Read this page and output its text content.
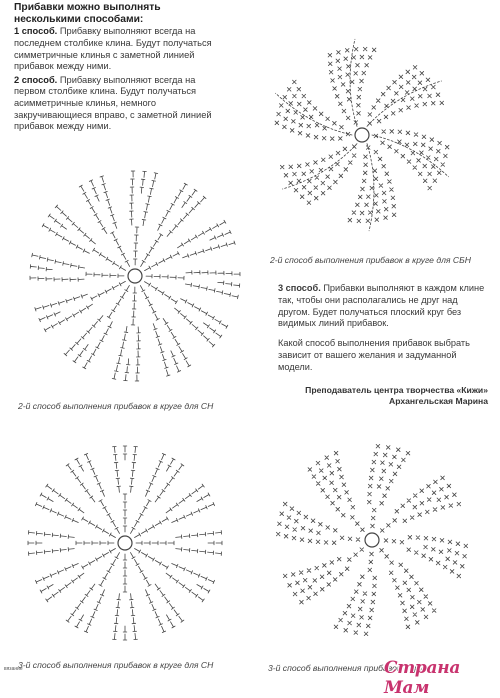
Прибавки можно выполнять несколькими способами:

1 способ. Прибавку выполняют всегда на последнем столбике клина. Будут получаться симметричные клинья с заметной линией прибавок между ними.

2 способ. Прибавку выполняют всегда на первом столбике клина. Будут получаться асимметричные клинья, немного закручивающиеся вправо, с заметной линией прибавок между ними.

2-й способ выполнения прибавок в круге для СБН
2-й способ выполнения прибавок в круге для СН

3 способ. Прибавки выполняют в каждом клине так, чтобы они располагались не друг над другом. Будет получаться плоский круг без видимых линий прибавок.

Какой способ выполнения прибавок выбрать зависит от вашего желания и задуманной модели.

Преподаватель центра творчества «Кижи»
Архангельская Марина
3-й способ выполнения прибавок в круге для СН	3-й способ выполнения прибавок в кру
вязание	Страна Мам
